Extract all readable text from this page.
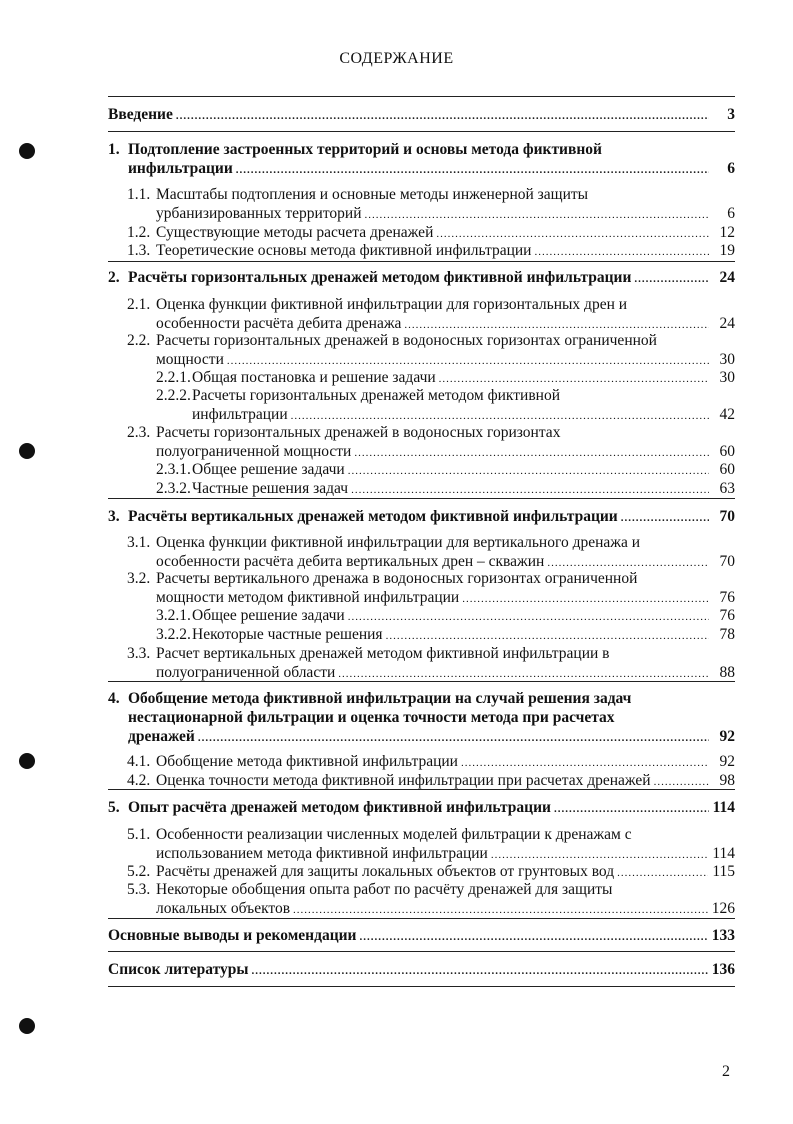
СОДЕРЖАНИЕ
Введение .....	3
1. Подтопление застроенных территорий и основы метода фиктивной
инфильтрации .....	6
1.1. Масштабы подтопления и основные методы инженерной защиты
урбанизированных территорий .....	6
1.2. Существующие методы расчета дренажей .....	12
1.3. Теоретические основы метода фиктивной инфильтрации .....	19
2. Расчёты горизонтальных дренажей методом фиктивной инфильтрации .....	24
2.1. Оценка функции фиктивной инфильтрации для горизонтальных дрен и
особенности расчёта дебита дренажа .....	24
2.2. Расчеты горизонтальных дренажей в водоносных горизонтах ограниченной
мощности .....	30
2.2.1. Общая постановка и решение задачи .....	30
2.2.2. Расчеты горизонтальных дренажей методом фиктивной
инфильтрации .....	42
2.3. Расчеты горизонтальных дренажей в водоносных горизонтах
полуограниченной мощности .....	60
2.3.1. Общее решение задачи .....	60
2.3.2. Частные решения задач .....	63
3. Расчёты вертикальных дренажей методом фиктивной инфильтрации .....	70
3.1. Оценка функции фиктивной инфильтрации для вертикального дренажа и
особенности расчёта дебита вертикальных дрен – скважин .....	70
3.2. Расчеты вертикального дренажа в водоносных горизонтах ограниченной
мощности методом фиктивной инфильтрации .....	76
3.2.1. Общее решение задачи .....	76
3.2.2. Некоторые частные решения .....	78
3.3. Расчет вертикальных дренажей методом фиктивной инфильтрации в
полуограниченной области .....	88
4. Обобщение метода фиктивной инфильтрации на случай решения задач
нестационарной фильтрации и оценка точности метода при расчетах
дренажей .....	92
4.1. Обобщение метода фиктивной инфильтрации .....	92
4.2. Оценка точности метода фиктивной инфильтрации при расчетах дренажей .....	98
5. Опыт расчёта дренажей методом фиктивной инфильтрации .....	114
5.1. Особенности реализации численных моделей фильтрации к дренажам с
использованием метода фиктивной инфильтрации .....	114
5.2. Расчёты дренажей для защиты локальных объектов от грунтовых вод .....	115
5.3. Некоторые обобщения опыта работ по расчёту дренажей для защиты
локальных объектов .....	126
Основные выводы и рекомендации .....	133
Список литературы .....	136
2
